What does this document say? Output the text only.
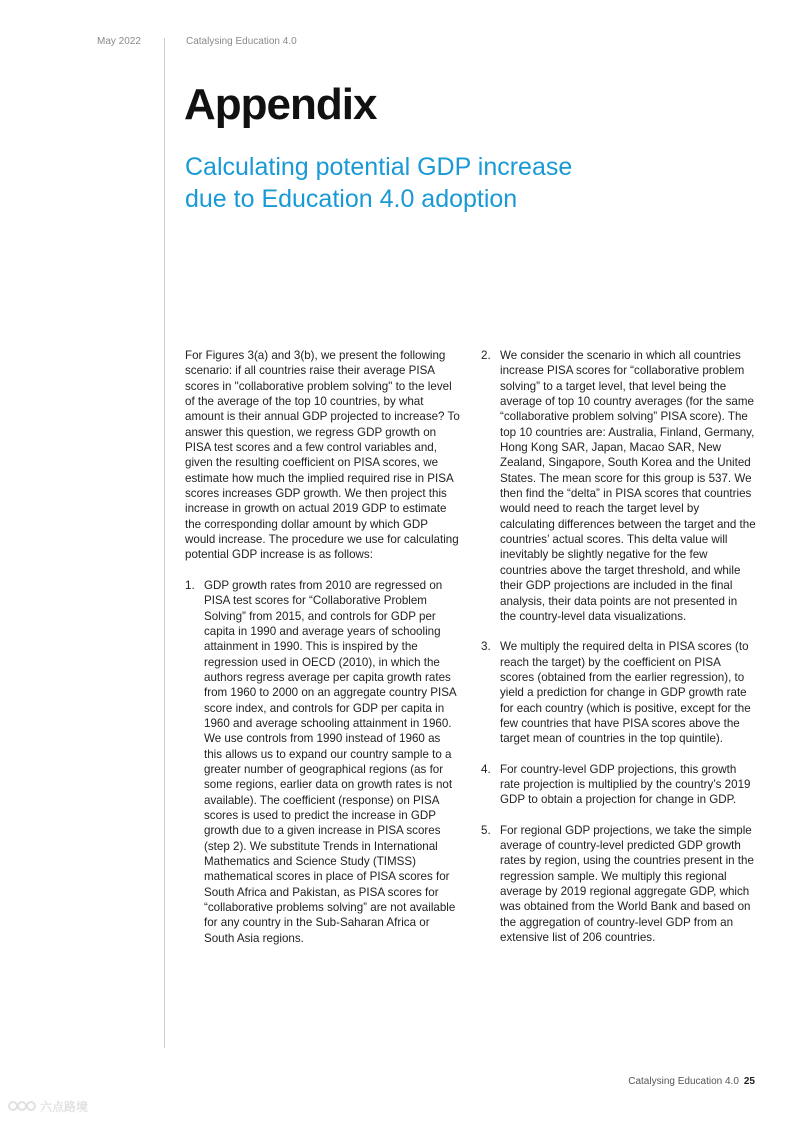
May 2022	Catalysing Education 4.0
Appendix
Calculating potential GDP increase
due to Education 4.0 adoption

For Figures 3(a) and 3(b), we present the following scenario: if all countries raise their average PISA scores in "collaborative problem solving" to the level of the average of the top 10 countries, by what amount is their annual GDP projected to increase? To answer this question, we regress GDP growth on PISA test scores and a few control variables and, given the resulting coefficient on PISA scores, we estimate how much the implied required rise in PISA scores increases GDP growth. We then project this increase in growth on actual 2019 GDP to estimate the corresponding dollar amount by which GDP would increase. The procedure we use for calculating potential GDP increase is as follows:

1. GDP growth rates from 2010 are regressed on PISA test scores for “Collaborative Problem Solving” from 2015, and controls for GDP per capita in 1990 and average years of schooling attainment in 1990. This is inspired by the regression used in OECD (2010), in which the authors regress average per capita growth rates from 1960 to 2000 on an aggregate country PISA score index, and controls for GDP per capita in 1960 and average schooling attainment in 1960. We use controls from 1990 instead of 1960 as this allows us to expand our country sample to a greater number of geographical regions (as for some regions, earlier data on growth rates is not available). The coefficient (response) on PISA scores is used to predict the increase in GDP growth due to a given increase in PISA scores (step 2). We substitute Trends in International Mathematics and Science Study (TIMSS) mathematical scores in place of PISA scores for South Africa and Pakistan, as PISA scores for “collaborative problems solving” are not available for any country in the Sub-Saharan Africa or South Asia regions.
2. We consider the scenario in which all countries increase PISA scores for “collaborative problem solving” to a target level, that level being the average of top 10 country averages (for the same “collaborative problem solving” PISA score). The top 10 countries are: Australia, Finland, Germany, Hong Kong SAR, Japan, Macao SAR, New Zealand, Singapore, South Korea and the United States. The mean score for this group is 537. We then find the “delta” in PISA scores that countries would need to reach the target level by calculating differences between the target and the countries’ actual scores. This delta value will inevitably be slightly negative for the few countries above the target threshold, and while their GDP projections are included in the final analysis, their data points are not presented in the country-level data visualizations.
3. We multiply the required delta in PISA scores (to reach the target) by the coefficient on PISA scores (obtained from the earlier regression), to yield a prediction for change in GDP growth rate for each country (which is positive, except for the few countries that have PISA scores above the target mean of countries in the top quintile).
4. For country-level GDP projections, this growth rate projection is multiplied by the country’s 2019 GDP to obtain a projection for change in GDP.
5. For regional GDP projections, we take the simple average of country-level predicted GDP growth rates by region, using the countries present in the regression sample. We multiply this regional average by 2019 regional aggregate GDP, which was obtained from the World Bank and based on the aggregation of country-level GDP from an extensive list of 206 countries.
Catalysing Education 4.0 25
六点路境
